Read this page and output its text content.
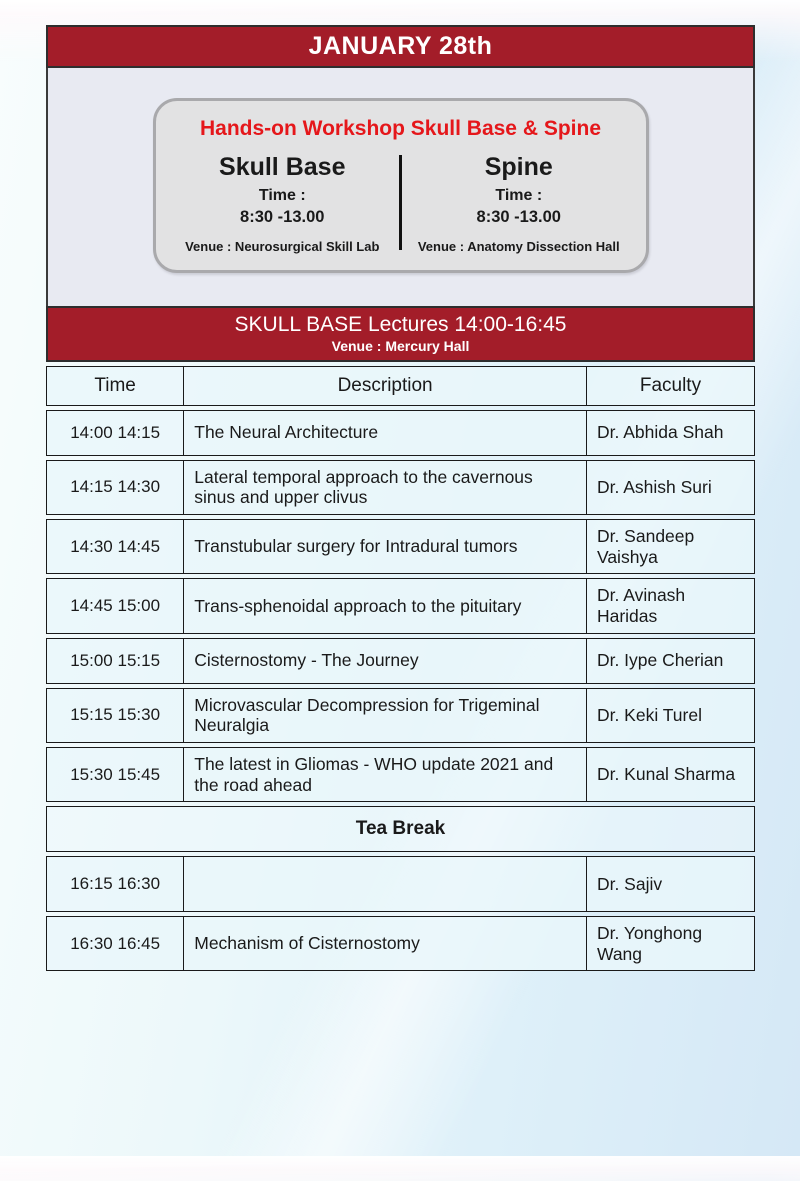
JANUARY 28th
Hands-on Workshop Skull Base & Spine
Skull Base
Time :
8:30 -13.00
Venue : Neurosurgical Skill Lab
Spine
Time :
8:30 -13.00
Venue : Anatomy Dissection Hall
SKULL BASE Lectures 14:00-16:45
Venue : Mercury Hall
Time	Description	Faculty
14:00 14:15	The Neural Architecture	Dr. Abhida Shah
14:15 14:30	Lateral temporal approach to the cavernous sinus and upper clivus	Dr. Ashish Suri
14:30 14:45	Transtubular surgery for Intradural tumors	Dr. Sandeep Vaishya
14:45 15:00	Trans-sphenoidal approach to the pituitary	Dr. Avinash Haridas
15:00 15:15	Cisternostomy - The Journey	Dr. Iype Cherian
15:15 15:30	Microvascular Decompression for Trigeminal Neuralgia	Dr. Keki Turel
15:30 15:45	The latest in Gliomas - WHO update 2021 and the road ahead	Dr. Kunal Sharma
Tea Break		
16:15 16:30		Dr. Sajiv
16:30 16:45	Mechanism of Cisternostomy	Dr. Yonghong Wang
